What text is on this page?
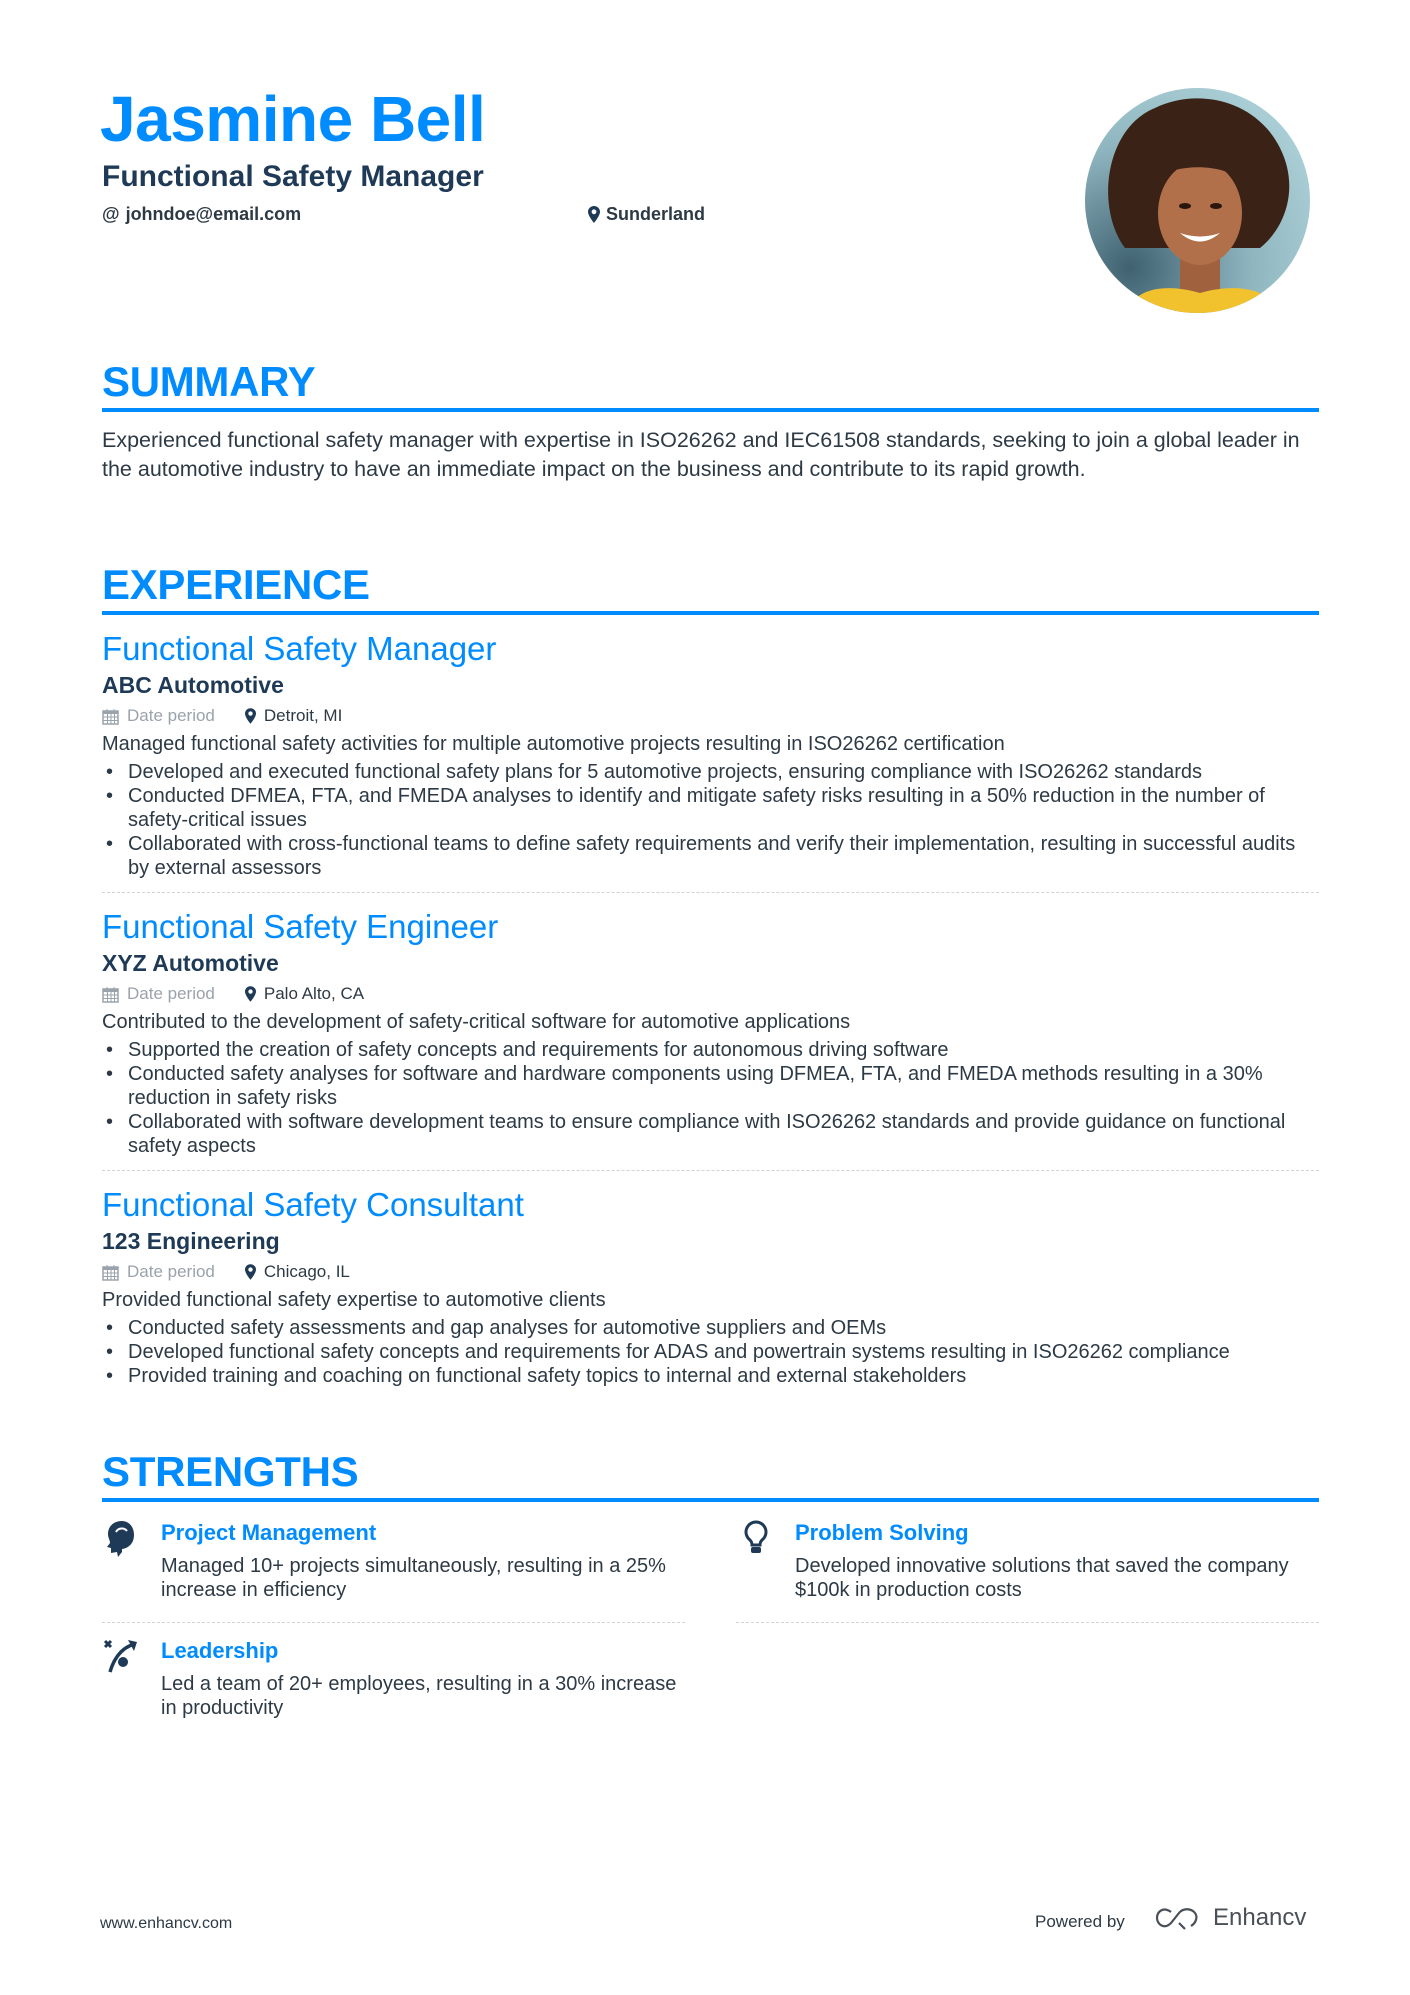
Jasmine Bell
Functional Safety Manager
@ johndoe@email.com	Sunderland
SUMMARY

Experienced functional safety manager with expertise in ISO26262 and IEC61508 standards, seeking to join a global leader in the automotive industry to have an immediate impact on the business and contribute to its rapid growth.

EXPERIENCE
Functional Safety Manager
ABC Automotive
Date period	Detroit, MI
Managed functional safety activities for multiple automotive projects resulting in ISO26262 certification
• Developed and executed functional safety plans for 5 automotive projects, ensuring compliance with ISO26262 standards
• Conducted DFMEA, FTA, and FMEDA analyses to identify and mitigate safety risks resulting in a 50% reduction in the number of safety-critical issues
• Collaborated with cross-functional teams to define safety requirements and verify their implementation, resulting in successful audits by external assessors
Functional Safety Engineer
XYZ Automotive
Date period	Palo Alto, CA
Contributed to the development of safety-critical software for automotive applications
• Supported the creation of safety concepts and requirements for autonomous driving software
• Conducted safety analyses for software and hardware components using DFMEA, FTA, and FMEDA methods resulting in a 30% reduction in safety risks
• Collaborated with software development teams to ensure compliance with ISO26262 standards and provide guidance on functional safety aspects
Functional Safety Consultant
123 Engineering
Date period	Chicago, IL
Provided functional safety expertise to automotive clients
• Conducted safety assessments and gap analyses for automotive suppliers and OEMs
• Developed functional safety concepts and requirements for ADAS and powertrain systems resulting in ISO26262 compliance
• Provided training and coaching on functional safety topics to internal and external stakeholders
STRENGTHS
Project Management

Managed 10+ projects simultaneously, resulting in a 25% increase in efficiency

Problem Solving

Developed innovative solutions that saved the company $100k in production costs

Leadership

Led a team of 20+ employees, resulting in a 30% increase in productivity

www.enhancv.com	Powered by	Enhancv
